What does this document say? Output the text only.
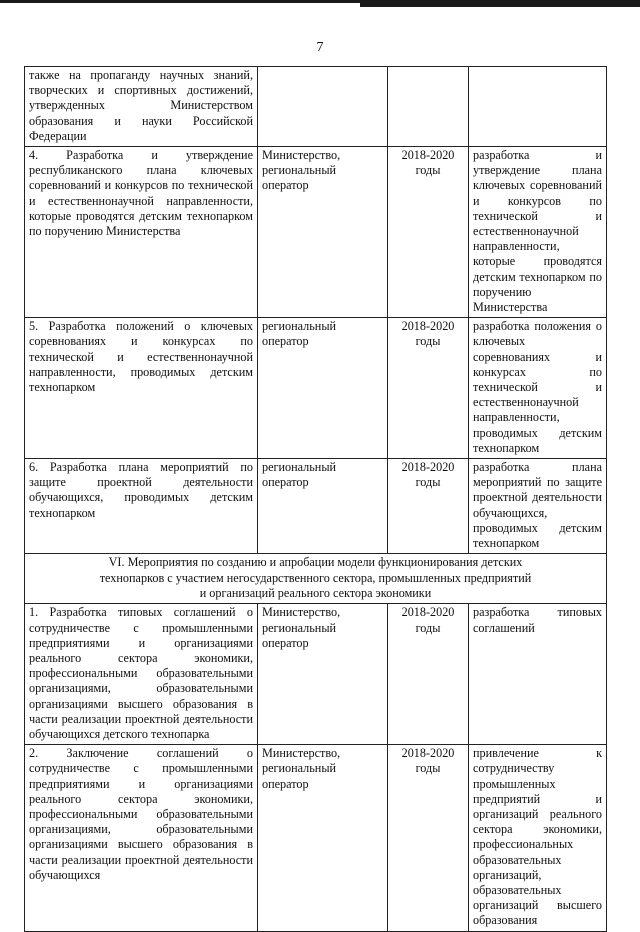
7
также на пропаганду научных знаний, творческих и спортивных достижений, утвержденных Министерством образования и науки Российской Федерации			
4. Разработка и утверждение республиканского плана ключевых соревнований и конкурсов по технической и естественнонаучной направленности, которые проводятся детским технопарком по поручению Министерства	Министерство, региональный оператор	2018-2020 годы	разработка и утверждение плана ключевых соревнований и конкурсов по технической и естественнонаучной направленности, которые проводятся детским технопарком по поручению Министерства
5. Разработка положений о ключевых соревнованиях и конкурсах по технической и естественнонаучной направленности, проводимых детским технопарком	региональный оператор	2018-2020 годы	разработка положения о ключевых соревнованиях и конкурсах по технической и естественнонаучной направленности, проводимых детским технопарком
6. Разработка плана мероприятий по защите проектной деятельности обучающихся, проводимых детским технопарком	региональный оператор	2018-2020 годы	разработка плана мероприятий по защите проектной деятельности обучающихся, проводимых детским технопарком

VI. Мероприятия по созданию и апробации модели функционирования детских
технопарков с участием негосударственного сектора, промышленных предприятий
и организаций реального сектора экономики			

1. Разработка типовых соглашений о сотрудничестве с промышленными предприятиями и организациями реального сектора экономики, профессиональными образовательными организациями, образовательными организациями высшего образования в части реализации проектной деятельности обучающихся детского технопарка	Министерство, региональный оператор	2018-2020 годы	разработка типовых соглашений
2. Заключение соглашений о сотрудничестве с промышленными предприятиями и организациями реального сектора экономики, профессиональными образовательными организациями, образовательными организациями высшего образования в части реализации проектной деятельности обучающихся	Министерство, региональный оператор	2018-2020 годы	привлечение к сотрудничеству промышленных предприятий и организаций реального сектора экономики, профессиональных образовательных организаций, образовательных организаций высшего образования
